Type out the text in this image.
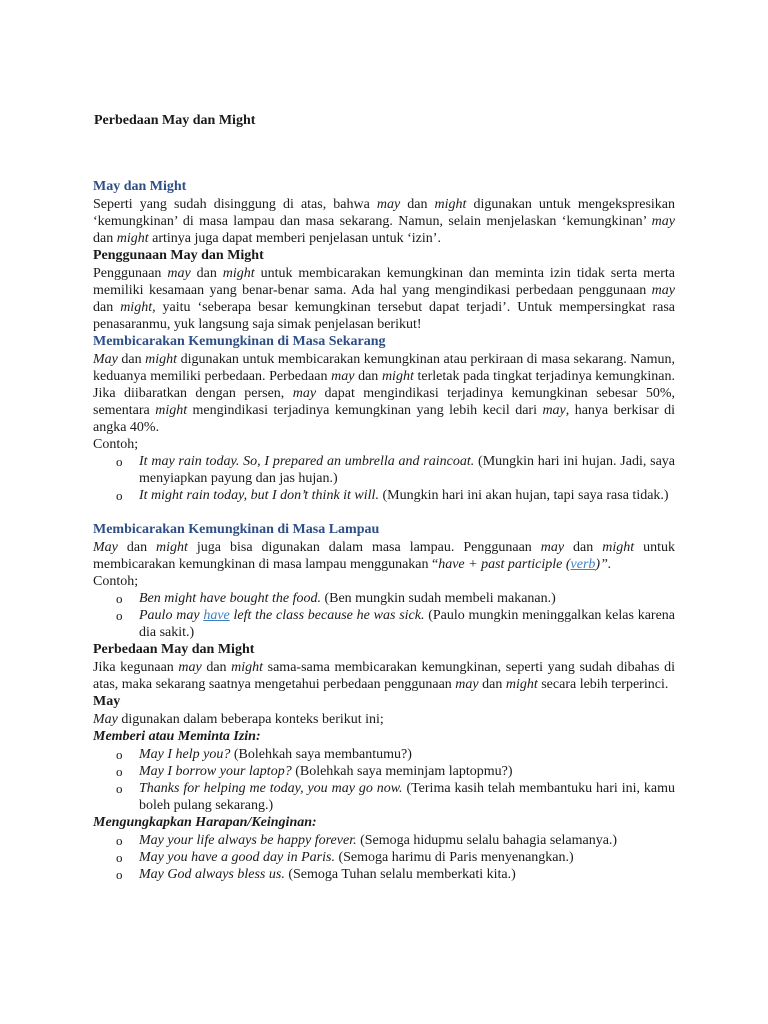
Perbedaan May dan Might
May dan Might

Seperti yang sudah disinggung di atas, bahwa may dan might digunakan untuk mengekspresikan ‘kemungkinan’ di masa lampau dan masa sekarang. Namun, selain menjelaskan ‘kemungkinan’ may dan might artinya juga dapat memberi penjelasan untuk ‘izin’.

Penggunaan May dan Might

Penggunaan may dan might untuk membicarakan kemungkinan dan meminta izin tidak serta merta memiliki kesamaan yang benar-benar sama. Ada hal yang mengindikasi perbedaan penggunaan may dan might, yaitu ‘seberapa besar kemungkinan tersebut dapat terjadi’. Untuk mempersingkat rasa penasaranmu, yuk langsung saja simak penjelasan berikut!

Membicarakan Kemungkinan di Masa Sekarang

May dan might digunakan untuk membicarakan kemungkinan atau perkiraan di masa sekarang. Namun, keduanya memiliki perbedaan. Perbedaan may dan might terletak pada tingkat terjadinya kemungkinan. Jika diibaratkan dengan persen, may dapat mengindikasi terjadinya kemungkinan sebesar 50%, sementara might mengindikasi terjadinya kemungkinan yang lebih kecil dari may, hanya berkisar di angka 40%.

Contoh;

o It may rain today. So, I prepared an umbrella and raincoat. (Mungkin hari ini hujan. Jadi, saya menyiapkan payung dan jas hujan.)
o It might rain today, but I don’t think it will. (Mungkin hari ini akan hujan, tapi saya rasa tidak.)
Membicarakan Kemungkinan di Masa Lampau

May dan might juga bisa digunakan dalam masa lampau. Penggunaan may dan might untuk membicarakan kemungkinan di masa lampau menggunakan “have + past participle (verb)”.

Contoh;

o Ben might have bought the food. (Ben mungkin sudah membeli makanan.)
o Paulo may have left the class because he was sick. (Paulo mungkin meninggalkan kelas karena dia sakit.)
Perbedaan May dan Might

Jika kegunaan may dan might sama-sama membicarakan kemungkinan, seperti yang sudah dibahas di atas, maka sekarang saatnya mengetahui perbedaan penggunaan may dan might secara lebih terperinci.

May

May digunakan dalam beberapa konteks berikut ini;

Memberi atau Meminta Izin:
o May I help you? (Bolehkah saya membantumu?)
o May I borrow your laptop? (Bolehkah saya meminjam laptopmu?)
o Thanks for helping me today, you may go now. (Terima kasih telah membantuku hari ini, kamu boleh pulang sekarang.)
Mengungkapkan Harapan/Keinginan:
o May your life always be happy forever. (Semoga hidupmu selalu bahagia selamanya.)
o May you have a good day in Paris. (Semoga harimu di Paris menyenangkan.)
o May God always bless us. (Semoga Tuhan selalu memberkati kita.)
